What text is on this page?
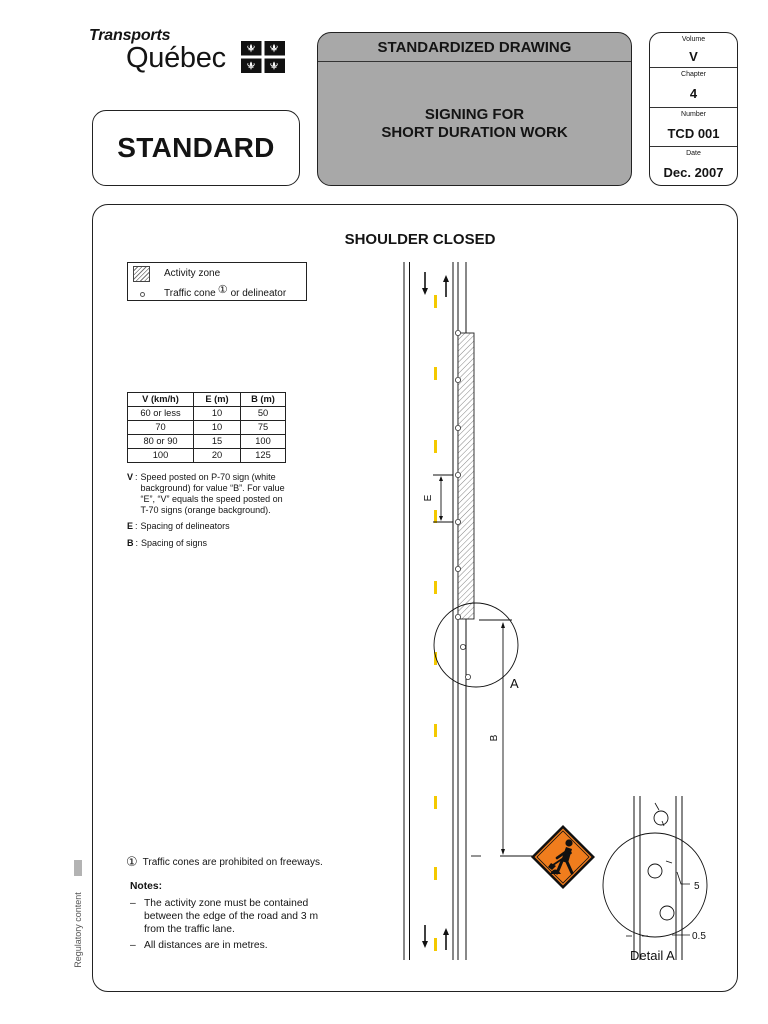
Transports
Québec
STANDARD
STANDARDIZED DRAWING
SIGNING FOR
SHORT DURATION WORK
Volume
V
Chapter
4
Number
TCD 001
Date
Dec. 2007
SHOULDER CLOSED
Activity zone
Traffic cone ① or delineator
V (km/h)	E (m)	B (m)
60 or less	10	50
70	10	75
80 or 90	15	100
100	20	125
V : Speed posted on P-70 sign (white
background) for value “B”. For value
“E”, “V” equals the speed posted on
T-70 signs (orange background).
E : Spacing of delineators
B : Spacing of signs
① Traffic cones are prohibited on freeways.
Notes:
– The activity zone must be contained
between the edge of the road and 3 m
from the traffic lane.
– All distances are in metres.
Regulatory content
E
A
B
5
0.5
Detail A
